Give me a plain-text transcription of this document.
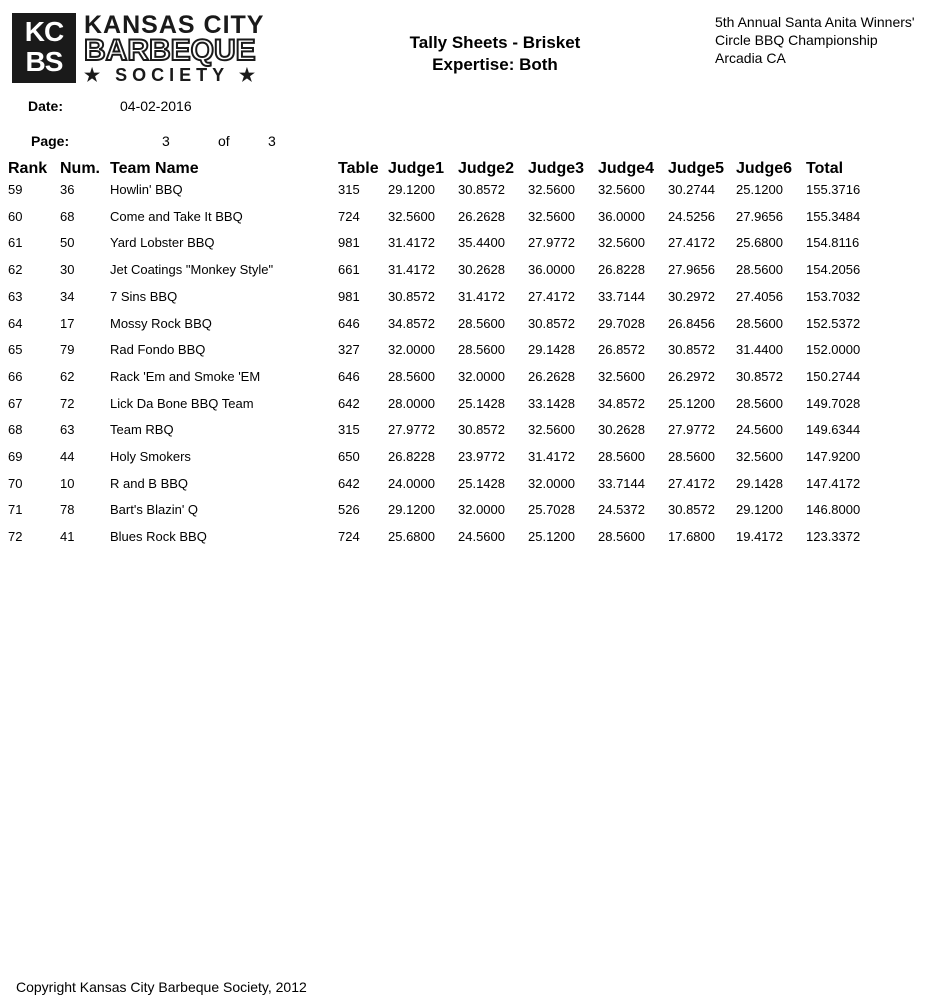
KC
BS
KANSAS CITY
BARBEQUE
★ SOCIETY ★
Tally Sheets - Brisket
Expertise: Both
5th Annual Santa Anita Winners'
Circle BBQ Championship
Arcadia CA
Date:	04-02-2016
Page:	3	of	3
Rank Num. Team Name	Table Judge1 Judge2 Judge3 Judge4 Judge5 Judge6 Total
59	36	Howlin' BBQ	315 29.1200 30.8572 32.5600 32.5600 30.2744 25.1200 155.3716
60	68	Come and Take It BBQ	724 32.5600 26.2628 32.5600 36.0000 24.5256 27.9656 155.3484
61	50	Yard Lobster BBQ	981 31.4172 35.4400 27.9772 32.5600 27.4172 25.6800 154.8116
62	30	Jet Coatings "Monkey Style"	661 31.4172 30.2628 36.0000 26.8228 27.9656 28.5600 154.2056
63	34	7 Sins BBQ	981 30.8572 31.4172 27.4172 33.7144 30.2972 27.4056 153.7032
64	17	Mossy Rock BBQ	646 34.8572 28.5600 30.8572 29.7028 26.8456 28.5600 152.5372
65	79	Rad Fondo BBQ	327 32.0000 28.5600 29.1428 26.8572 30.8572 31.4400 152.0000
66	62	Rack 'Em and Smoke 'EM	646 28.5600 32.0000 26.2628 32.5600 26.2972 30.8572 150.2744
67	72	Lick Da Bone BBQ Team	642 28.0000 25.1428 33.1428 34.8572 25.1200 28.5600 149.7028
68	63	Team RBQ	315 27.9772 30.8572 32.5600 30.2628 27.9772 24.5600 149.6344
69	44	Holy Smokers	650 26.8228 23.9772 31.4172 28.5600 28.5600 32.5600 147.9200
70	10	R and B BBQ	642 24.0000 25.1428 32.0000 33.7144 27.4172 29.1428 147.4172
71	78	Bart's Blazin' Q	526 29.1200 32.0000 25.7028 24.5372 30.8572 29.1200 146.8000
72	41	Blues Rock BBQ	724 25.6800 24.5600 25.1200 28.5600 17.6800 19.4172 123.3372
Copyright Kansas City Barbeque Society, 2012
